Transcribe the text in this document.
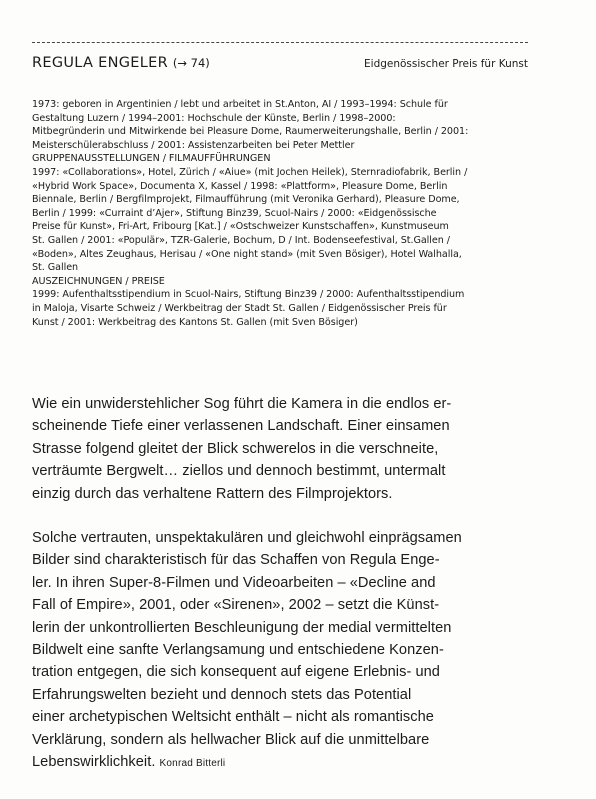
REGULA ENGELER (→ 74)	Eidgenössischer Preis für Kunst

1973: geboren in Argentinien / lebt und arbeitet in St.Anton, AI / 1993–1994: Schule für

Gestaltung Luzern / 1994–2001: Hochschule der Künste, Berlin / 1998–2000:

Mitbegründerin und Mitwirkende bei Pleasure Dome, Raumerweiterungshalle, Berlin / 2001:

Meisterschülerabschluss / 2001: Assistenzarbeiten bei Peter Mettler

GRUPPENAUSSTELLUNGEN / FILMAUFFÜHRUNGEN

1997: «Collaborations», Hotel, Zürich / «Aiue» (mit Jochen Heilek), Sternradiofabrik, Berlin /

«Hybrid Work Space», Documenta X, Kassel / 1998: «Plattform», Pleasure Dome, Berlin

Biennale, Berlin / Bergfilmprojekt, Filmaufführung (mit Veronika Gerhard), Pleasure Dome,

Berlin / 1999: «Curraint d’Ajer», Stiftung Binz39, Scuol-Nairs / 2000: «Eidgenössische

Preise für Kunst», Fri-Art, Fribourg [Kat.] / «Ostschweizer Kunstschaffen», Kunstmuseum

St. Gallen / 2001: «Populär», TZR-Galerie, Bochum, D / Int. Bodenseefestival, St.Gallen /

«Boden», Altes Zeughaus, Herisau / «One night stand» (mit Sven Bösiger), Hotel Walhalla,

St. Gallen

AUSZEICHNUNGEN / PREISE

1999: Aufenthaltsstipendium in Scuol-Nairs, Stiftung Binz39 / 2000: Aufenthaltsstipendium

in Maloja, Visarte Schweiz / Werkbeitrag der Stadt St. Gallen / Eidgenössischer Preis für

Kunst / 2001: Werkbeitrag des Kantons St. Gallen (mit Sven Bösiger)

Wie ein unwiderstehlicher Sog führt die Kamera in die endlos er-
scheinende Tiefe einer verlassenen Landschaft. Einer einsamen
Strasse folgend gleitet der Blick schwerelos in die verschneite,
verträumte Bergwelt… ziellos und dennoch bestimmt, untermalt
einzig durch das verhaltene Rattern des Filmprojektors.

Solche vertrauten, unspektakulären und gleichwohl einprägsamen
Bilder sind charakteristisch für das Schaffen von Regula Enge-
ler. In ihren Super-8-Filmen und Videoarbeiten – «Decline and
Fall of Empire», 2001, oder «Sirenen», 2002 – setzt die Künst-
lerin der unkontrollierten Beschleunigung der medial vermittelten
Bildwelt eine sanfte Verlangsamung und entschiedene Konzen-
tration entgegen, die sich konsequent auf eigene Erlebnis- und
Erfahrungswelten bezieht und dennoch stets das Potential
einer archetypischen Weltsicht enthält – nicht als romantische
Verklärung, sondern als hellwacher Blick auf die unmittelbare
Lebenswirklichkeit. Konrad Bitterli
